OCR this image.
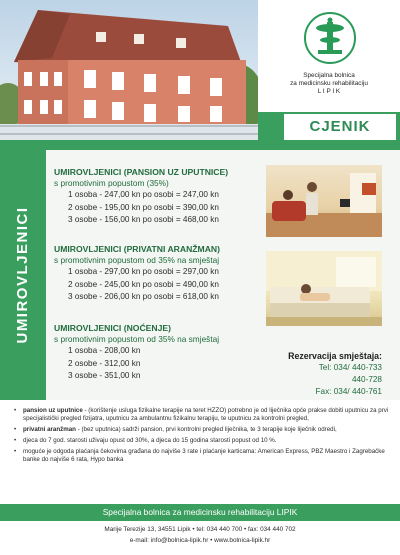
Specijalna bolnica
za medicinsku rehabilitaciju
L I P I K
CJENIK
UMIROVLJENICI
UMIROVLJENICI (PANSION UZ UPUTNICE)
s promotivnim popustom (35%)
1 osoba - 247,00 kn po osobi = 247,00 kn
2 osobe - 195,00 kn po osobi = 390,00 kn
3 osobe - 156,00 kn po osobi = 468,00 kn
UMIROVLJENICI (PRIVATNI ARANŽMAN)
s promotivnim popustom od 35% na smještaj
1 osoba - 297,00 kn po osobi = 297,00 kn
2 osobe - 245,00 kn po osobi = 490,00 kn
3 osobe - 206,00 kn po osobi = 618,00 kn
UMIROVLJENICI (NOĆENJE)
s promotivnim popustom od 35% na smještaj
1 osoba - 208,00 kn
2 osobe - 312,00 kn
3 osobe - 351,00 kn
Rezervacija smještaja:
Tel: 034/ 440-733
440-728
Fax: 034/ 440-761
• pansion uz uputnice - (korištenje usluga fizikalne terapije na teret HZZO) potrebno je od liječnika opće prakse dobiti uputnicu za prvi specijalistički pregled fizijatra, uputnicu za ambulantnu fizikalnu terapiju, te uputnicu za kontrolni pregled,
• privatni aranžman - (bez uputnica) sadrži pansion, prvi kontrolni pregled liječnika, te 3 terapije koje liječnik odredi,
• djeca do 7 god. starosti uživaju opust od 30%, a djeca do 15 godina starosti popust od 10 %.
• moguće je odgoda plaćanja čekovima građana do najviše 3 rate i plaćanje karticama: American Express, PBZ Maestro i Zagrebačke banke do najviše 6 rata, Hypo banka
Specijalna bolnica za medicinsku rehabilitaciju LIPIK
Marije Terezije 13, 34551 Lipik • tel: 034 440 700 • fax: 034 440 702
e-mail: info@bolnica-lipik.hr • www.bolnica-lipik.hr
